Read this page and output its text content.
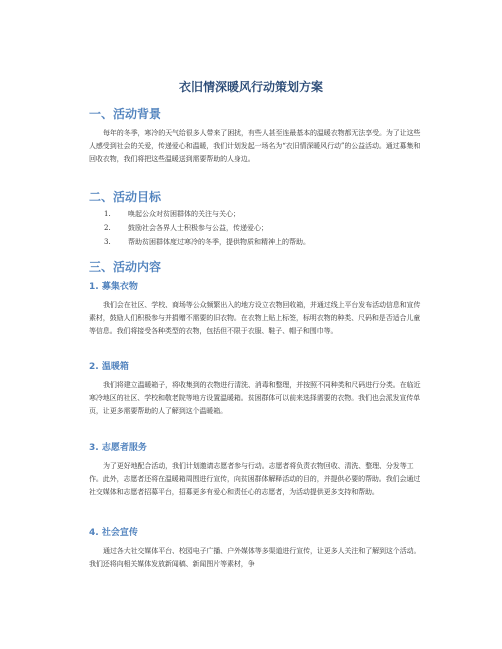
衣旧情深暖风行动策划方案
一、活动背景
每年的冬季，寒冷的天气给很多人带来了困扰，有些人甚至连最基本的温暖衣物都无法享受。为了让这些人感受到社会的关爱，传递爱心和温暖，我们计划发起一场名为“衣旧情深暖风行动”的公益活动。通过募集和回收衣物，我们将把这些温暖送到需要帮助的人身边。
二、活动目标
1. 唤起公众对贫困群体的关注与关心；
2. 鼓励社会各界人士积极参与公益，传递爱心；
3. 帮助贫困群体度过寒冷的冬季，提供物质和精神上的帮助。
三、活动内容
1. 募集衣物
我们会在社区、学校、商场等公众频繁出入的地方设立衣物回收箱，并通过线上平台发布活动信息和宣传素材，鼓励人们积极参与并捐赠不需要的旧衣物。在衣物上贴上标签，标明衣物的种类、尺码和是否适合儿童等信息。我们将接受各种类型的衣物，包括但不限于衣服、鞋子、帽子和围巾等。
2. 温暖箱
我们将建立温暖箱子，将收集到的衣物进行清洗、消毒和整理，并按照不同种类和尺码进行分类。在临近寒冷地区的社区、学校和敬老院等地方设置温暖箱。贫困群体可以前来选择需要的衣物。我们也会派发宣传单页，让更多需要帮助的人了解到这个温暖箱。
3. 志愿者服务
为了更好地配合活动，我们计划邀请志愿者参与行动。志愿者将负责衣物回收、清洗、整理、分发等工作。此外，志愿者还将在温暖箱周围进行宣传，向贫困群体解释活动的目的，并提供必要的帮助。我们会通过社交媒体和志愿者招募平台，招募更多有爱心和责任心的志愿者，为活动提供更多支持和帮助。
4. 社会宣传
通过各大社交媒体平台、校园电子广播、户外媒体等多渠道进行宣传，让更多人关注和了解到这个活动。我们还将向相关媒体发放新闻稿、新闻图片等素材，争
